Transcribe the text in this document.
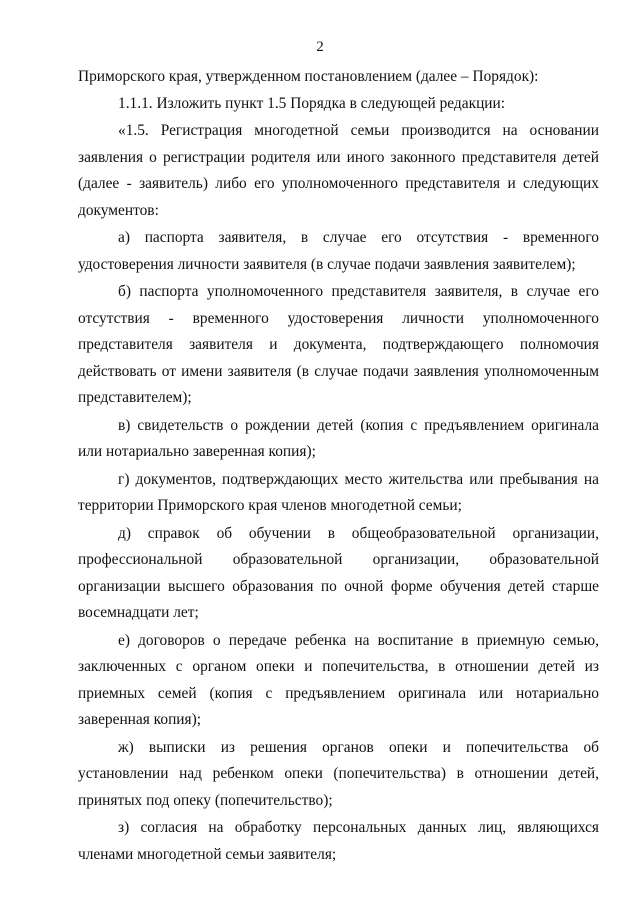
2

Приморского края, утвержденном постановлением (далее – Порядок):

1.1.1. Изложить пункт 1.5 Порядка в следующей редакции:

«1.5. Регистрация многодетной семьи производится на основании заявления о регистрации родителя или иного законного представителя детей (далее - заявитель) либо его уполномоченного представителя и следующих документов:

а) паспорта заявителя, в случае его отсутствия - временного удостоверения личности заявителя (в случае подачи заявления заявителем);

б) паспорта уполномоченного представителя заявителя, в случае его отсутствия - временного удостоверения личности уполномоченного представителя заявителя и документа, подтверждающего полномочия действовать от имени заявителя (в случае подачи заявления уполномоченным представителем);

в) свидетельств о рождении детей (копия с предъявлением оригинала или нотариально заверенная копия);

г) документов, подтверждающих место жительства или пребывания на территории Приморского края членов многодетной семьи;

д) справок об обучении в общеобразовательной организации, профессиональной образовательной организации, образовательной организации высшего образования по очной форме обучения детей старше восемнадцати лет;

е) договоров о передаче ребенка на воспитание в приемную семью, заключенных с органом опеки и попечительства, в отношении детей из приемных семей (копия с предъявлением оригинала или нотариально заверенная копия);

ж) выписки из решения органов опеки и попечительства об установлении над ребенком опеки (попечительства) в отношении детей, принятых под опеку (попечительство);

з) согласия на обработку персональных данных лиц, являющихся членами многодетной семьи заявителя;
